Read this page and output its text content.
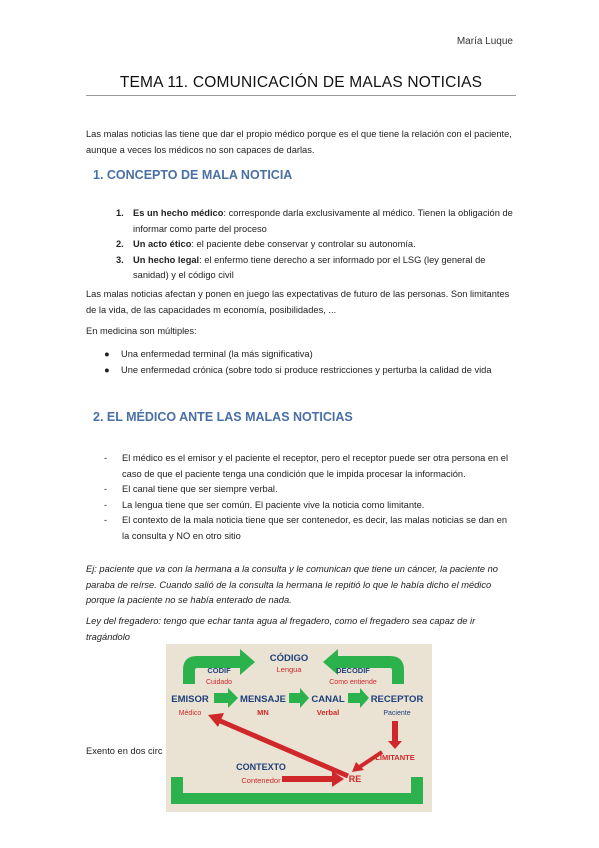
María Luque
TEMA 11. COMUNICACIÓN DE MALAS NOTICIAS
Las malas noticias las tiene que dar el propio médico porque es el que tiene la relación con el paciente, aunque a veces los médicos no son capaces de darlas.
1. CONCEPTO DE MALA NOTICIA
1. Es un hecho médico: corresponde darla exclusivamente al médico. Tienen la obligación de informar como parte del proceso
2. Un acto ético: el paciente debe conservar y controlar su autonomía.
3. Un hecho legal: el enfermo tiene derecho a ser informado por el LSG (ley general de sanidad) y el código civil
Las malas noticias afectan y ponen en juego las expectativas de futuro de las personas. Son limitantes de la vida, de las capacidades m economía, posibilidades, ...
En medicina son múltiples:
● Una enfermedad terminal (la más significativa)
● Une enfermedad crónica (sobre todo si produce restricciones y perturba la calidad de vida
2. EL MÉDICO ANTE LAS MALAS NOTICIAS
- El médico es el emisor y el paciente el receptor, pero el receptor puede ser otra persona en el caso de que el paciente tenga una condición que le impida procesar la información.
- El canal tiene que ser siempre verbal.
- La lengua tiene que ser común. El paciente vive la noticia como limitante.
- El contexto de la mala noticia tiene que ser contenedor, es decir, las malas noticias se dan en la consulta y NO en otro sitio
Ej: paciente que va con la hermana a la consulta y le comunican que tiene un cáncer, la paciente no paraba de reírse. Cuando salió de la consulta la hermana le repitió lo que le había dicho el médico porque la paciente no se había enterado de nada.
Ley del fregadero: tengo que echar tanta agua al fregadero, como el fregadero sea capaz de ir tragándolo
Exento en dos circ
CÓDIGO
Lengua
CODIF
Cuidado
DECODIF
Como entiende
EMISOR
Médico
MENSAJE
MN
CANAL
Verbal
RECEPTOR
Paciente
LIMITANTE
CONTEXTO
Contenedor	RE
